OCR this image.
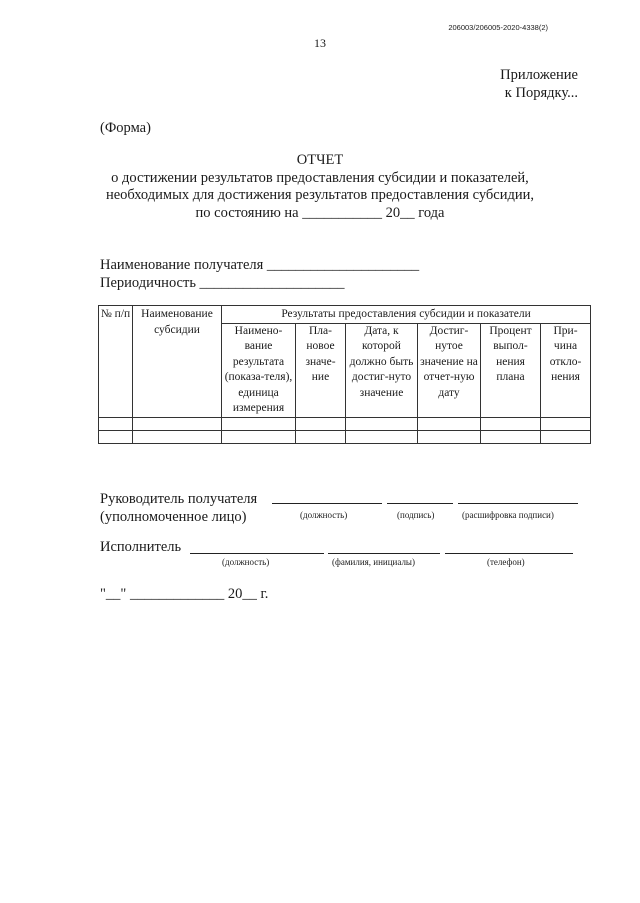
206003/206005-2020-4338(2)
13
Приложение
к Порядку...
(Форма)
ОТЧЕТ
о достижении результатов предоставления субсидии и показателей,
необходимых для достижения результатов предоставления субсидии,
по состоянию на ___________ 20__ года
Наименование получателя _____________________
Периодичность ____________________
№ п/п	Наименование субсидии	Результаты предоставления субсидии и показатели					
		Наимено-вание результата (показа-теля), единица измерения	Пла-новое значе-ние	Дата, к которой должно быть достиг-нуто значение	Достиг-нутое значение на отчет-ную дату	Процент выпол-нения плана	При-чина откло-нения

Руководитель получателя
(уполномоченное лицо)	(должность)	(подпись)	(расшифровка подписи)
Исполнитель
(должность)	(фамилия, инициалы)	(телефон)
"__" _____________ 20__ г.
